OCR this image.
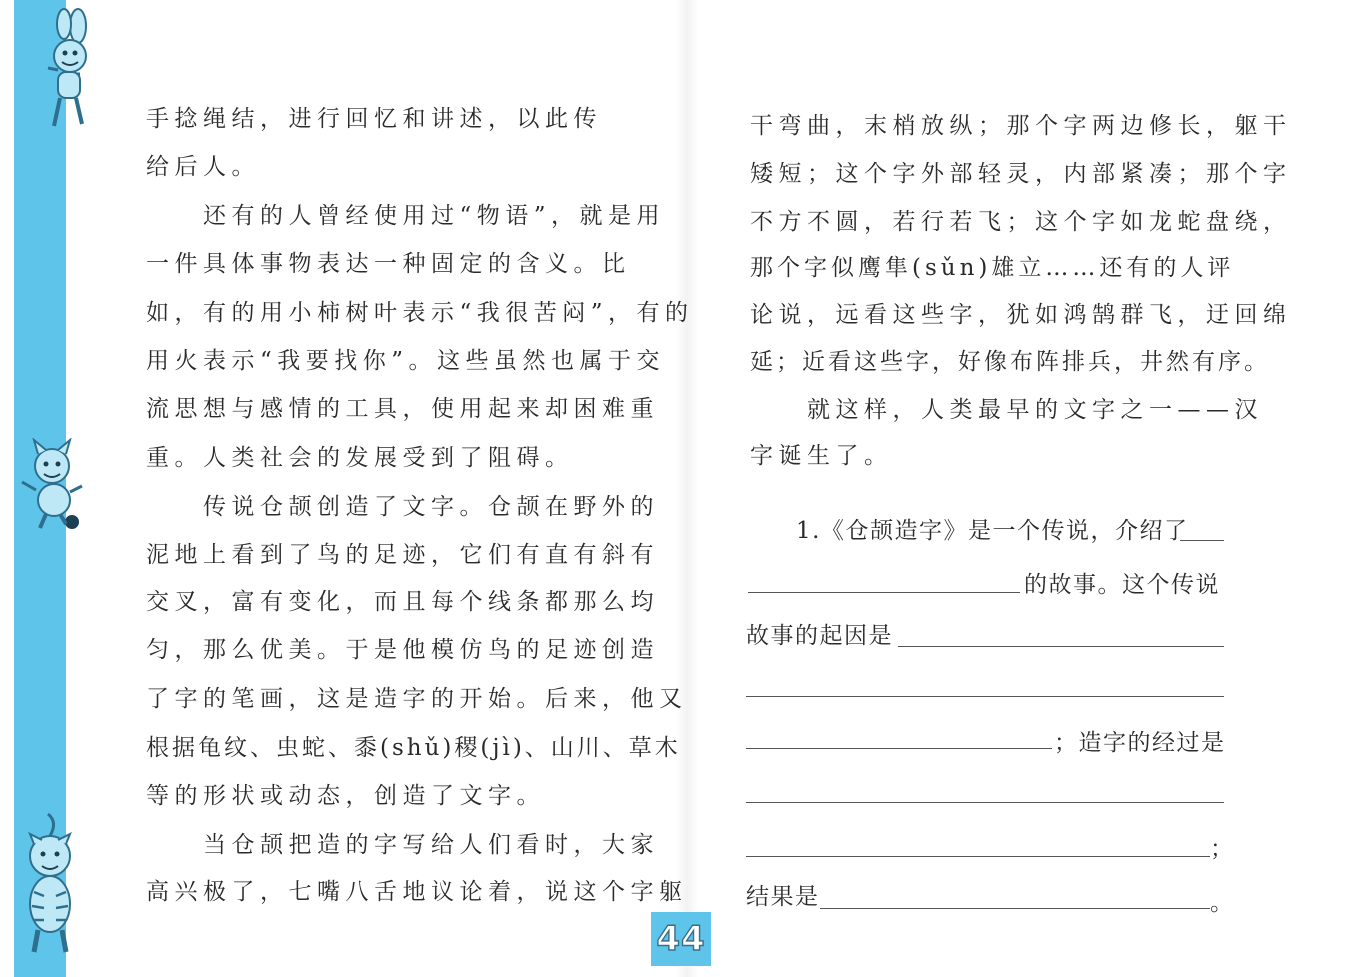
手捻绳结，进行回忆和讲述，以此传
给后人。
　　还有的人曾经使用过“物语”，就是用
一件具体事物表达一种固定的含义。比
如，有的用小柿树叶表示“我很苦闷”，有的
用火表示“我要找你”。这些虽然也属于交
流思想与感情的工具，使用起来却困难重
重。人类社会的发展受到了阻碍。
　　传说仓颉创造了文字。仓颉在野外的
泥地上看到了鸟的足迹，它们有直有斜有
交叉，富有变化，而且每个线条都那么均
匀，那么优美。于是他模仿鸟的足迹创造
了字的笔画，这是造字的开始。后来，他又
根据龟纹、虫蛇、黍(shǔ)稷(jì)、山川、草木
等的形状或动态，创造了文字。
　　当仓颉把造的字写给人们看时，大家
高兴极了，七嘴八舌地议论着，说这个字躯
干弯曲，末梢放纵；那个字两边修长，躯干
矮短；这个字外部轻灵，内部紧凑；那个字
不方不圆，若行若飞；这个字如龙蛇盘绕，
那个字似鹰隼(sǔn)雄立……还有的人评
论说，远看这些字，犹如鸿鹄群飞，迂回绵
延；近看这些字，好像布阵排兵，井然有序。
　　就这样，人类最早的文字之一——汉
字诞生了。
1.《仓颉造字》是一个传说，介绍了
的故事。这个传说
故事的起因是
；造字的经过是
；
结果是	。
44
